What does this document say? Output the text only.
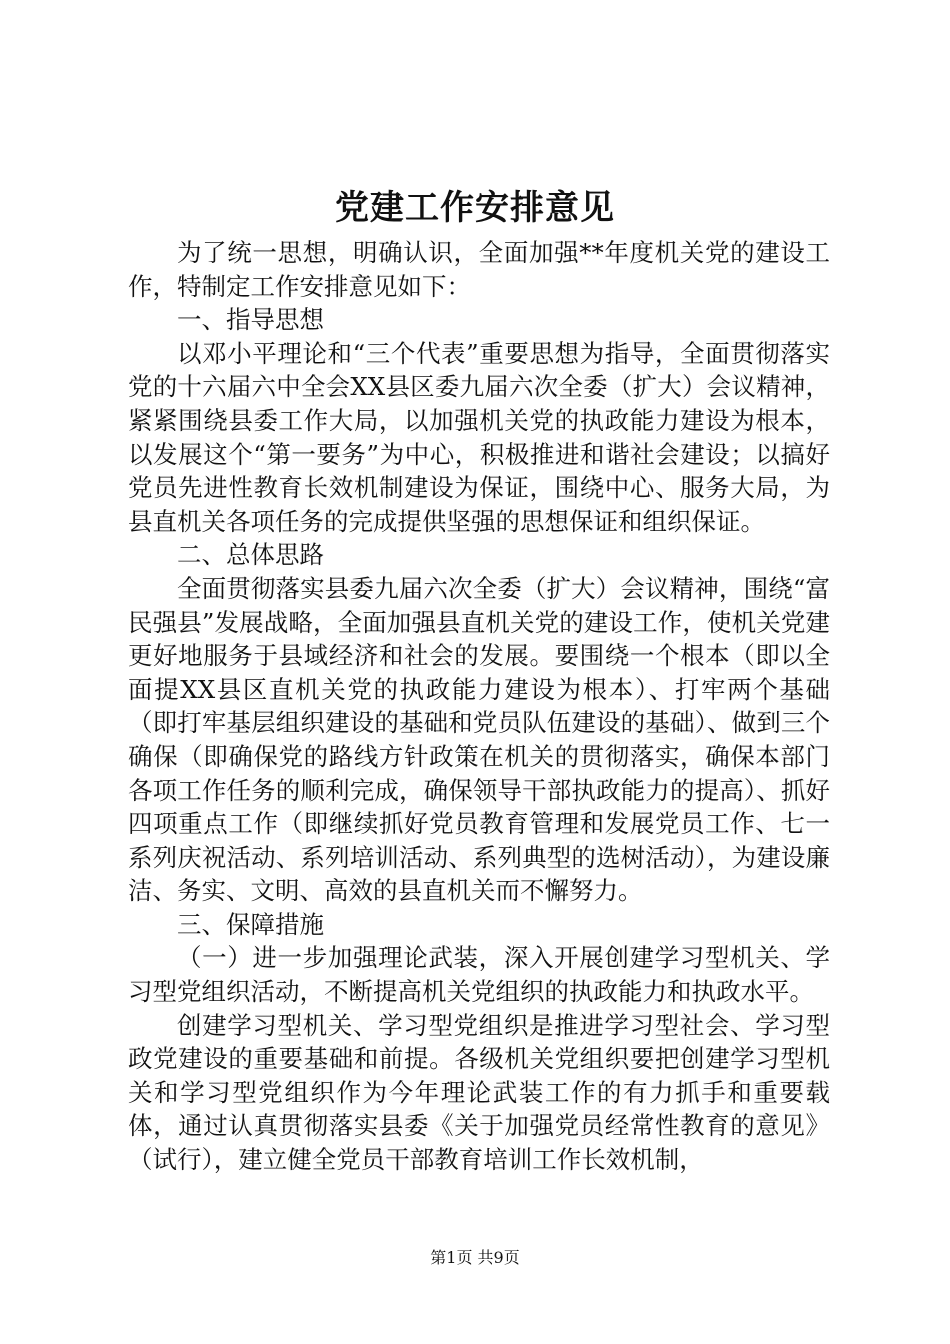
党建工作安排意见

为了统一思想，明确认识，全面加强**年度机关党的建设工作，特制定工作安排意见如下：

一、指导思想

以邓小平理论和“三个代表”重要思想为指导，全面贯彻落实党的十六届六中全会XX县区委九届六次全委（扩大）会议精神，紧紧围绕县委工作大局，以加强机关党的执政能力建设为根本，以发展这个“第一要务”为中心，积极推进和谐社会建设；以搞好党员先进性教育长效机制建设为保证，围绕中心、服务大局，为县直机关各项任务的完成提供坚强的思想保证和组织保证。

二、总体思路

全面贯彻落实县委九届六次全委（扩大）会议精神，围绕“富民强县”发展战略，全面加强县直机关党的建设工作，使机关党建更好地服务于县域经济和社会的发展。要围绕一个根本（即以全面提XX县区直机关党的执政能力建设为根本）、打牢两个基础（即打牢基层组织建设的基础和党员队伍建设的基础）、做到三个确保（即确保党的路线方针政策在机关的贯彻落实，确保本部门各项工作任务的顺利完成，确保领导干部执政能力的提高）、抓好四项重点工作（即继续抓好党员教育管理和发展党员工作、七一系列庆祝活动、系列培训活动、系列典型的选树活动），为建设廉洁、务实、文明、高效的县直机关而不懈努力。

三、保障措施

（一）进一步加强理论武装，深入开展创建学习型机关、学习型党组织活动，不断提高机关党组织的执政能力和执政水平。

创建学习型机关、学习型党组织是推进学习型社会、学习型政党建设的重要基础和前提。各级机关党组织要把创建学习型机关和学习型党组织作为今年理论武装工作的有力抓手和重要载体，通过认真贯彻落实县委《关于加强党员经常性教育的意见》（试行），建立健全党员干部教育培训工作长效机制，

第1页 共9页
